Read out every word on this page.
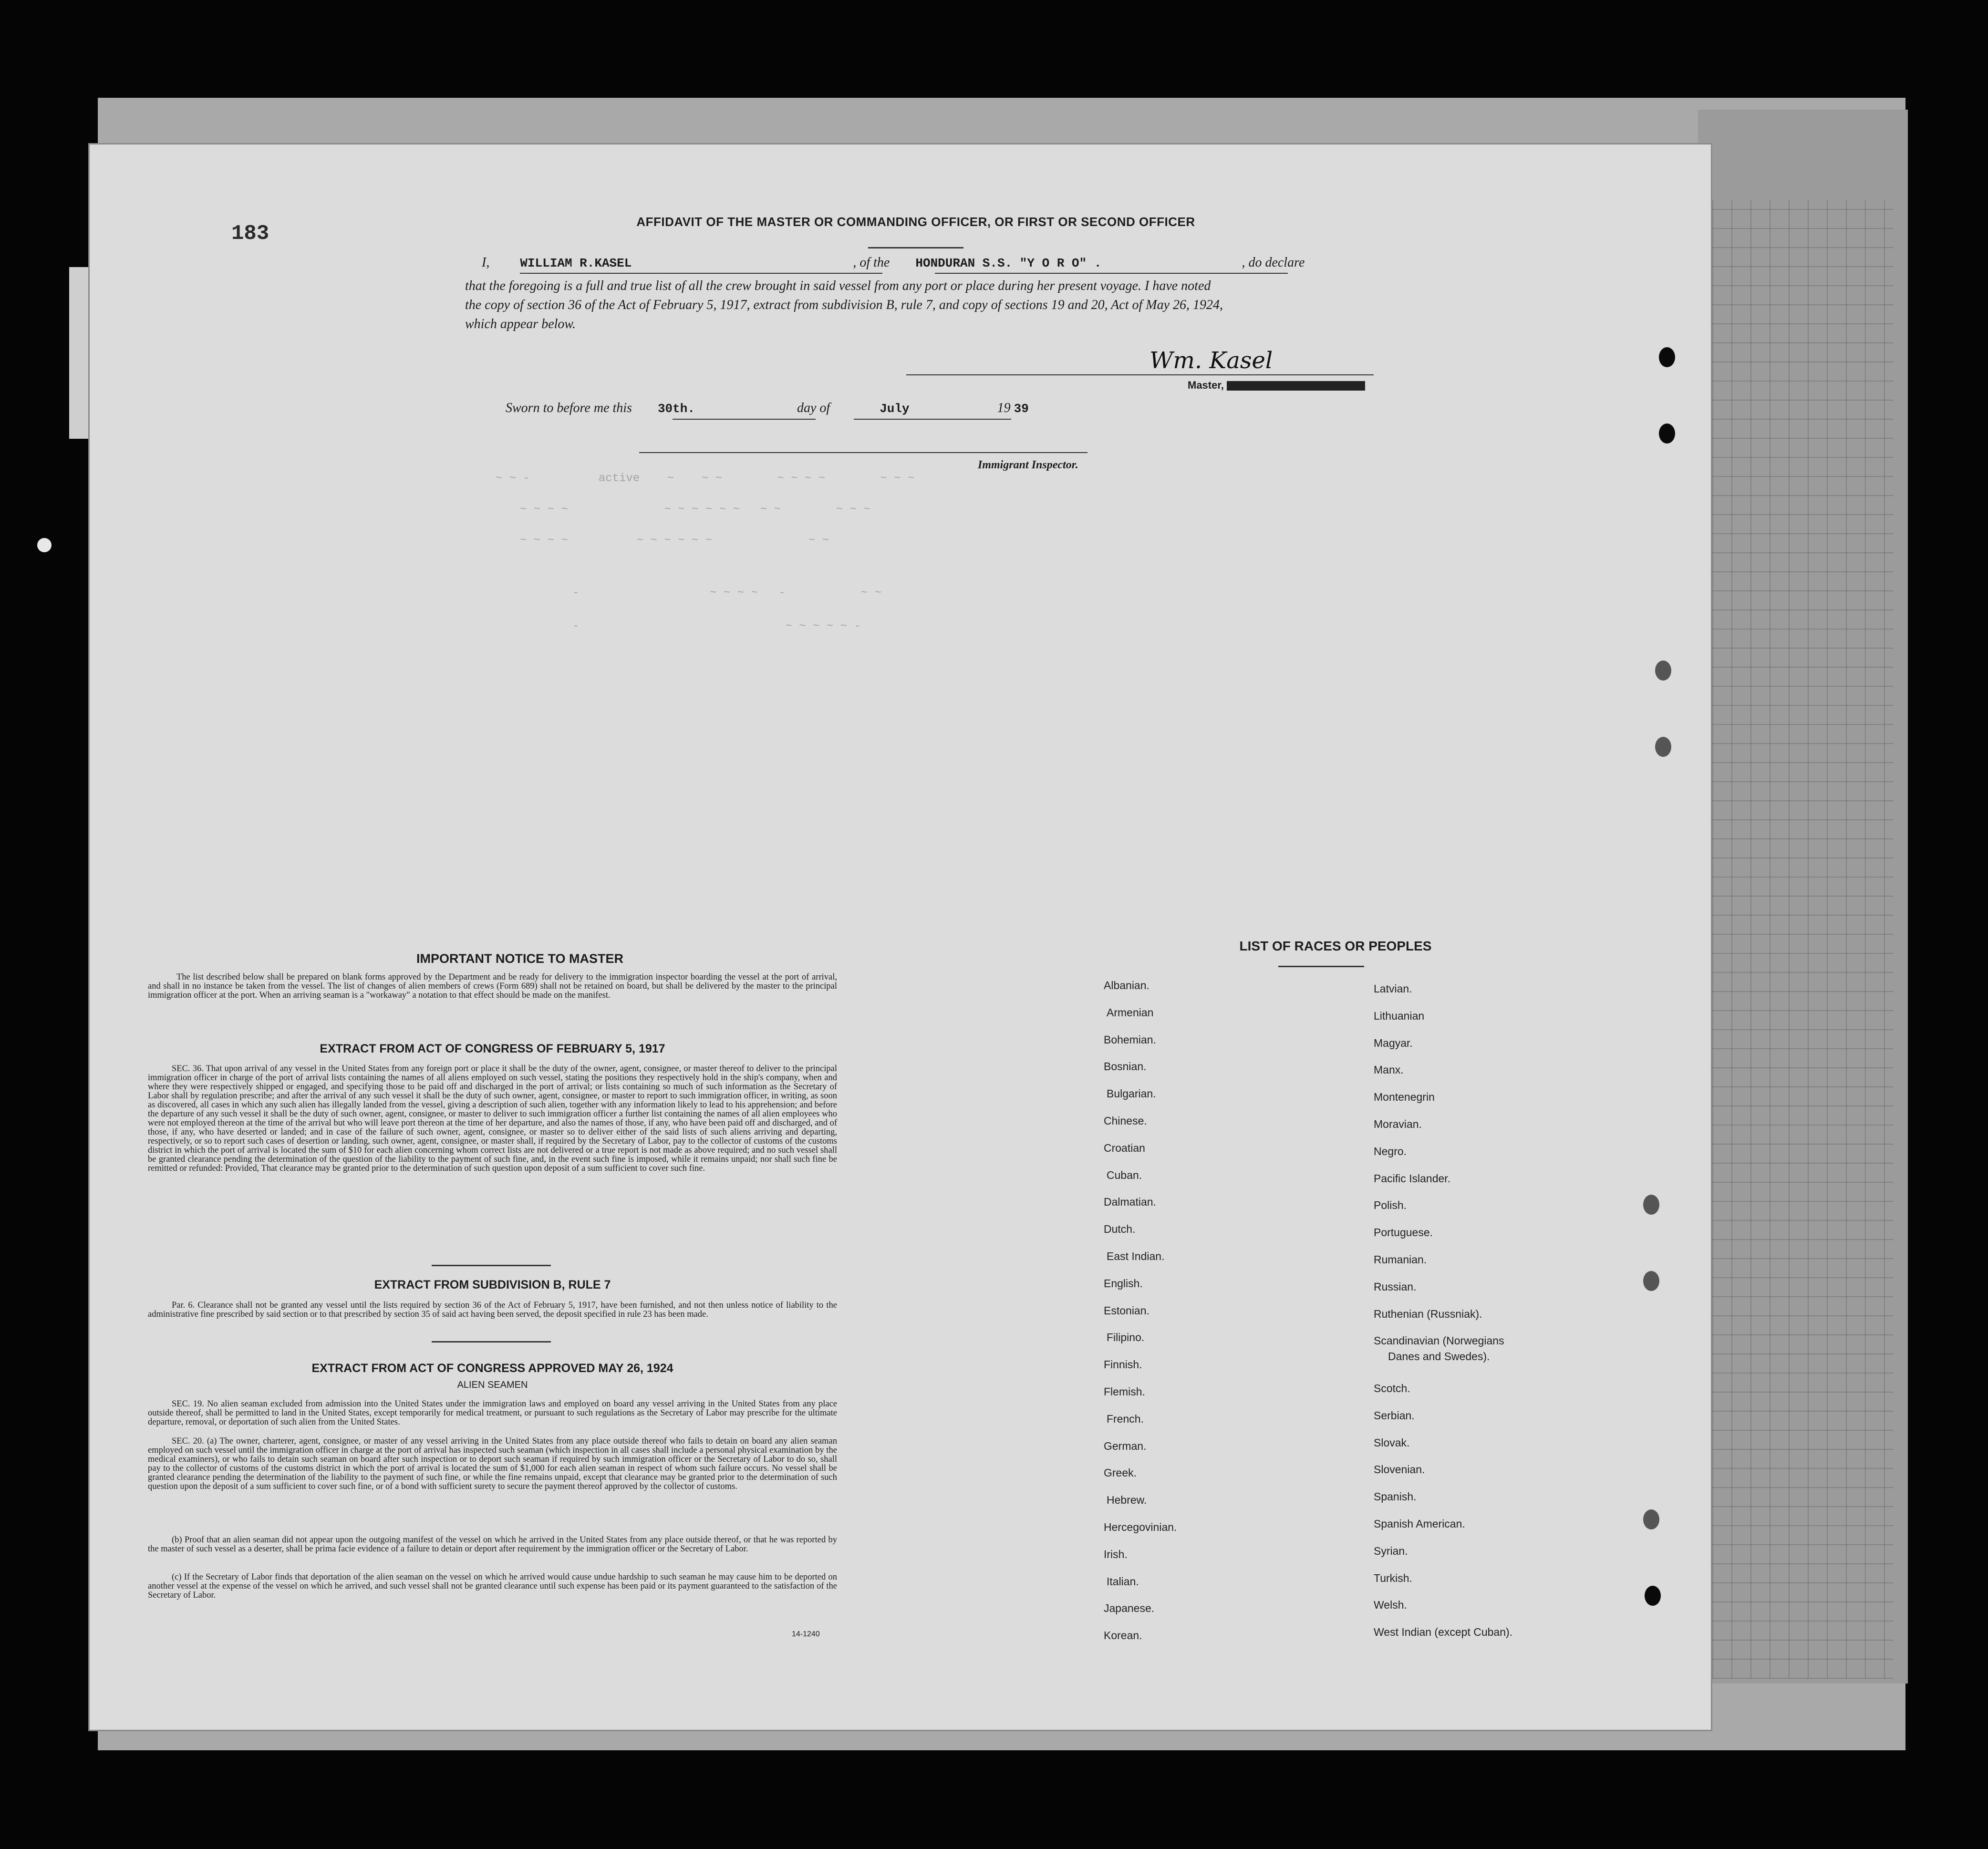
~ ~ -          active    ~    ~ ~        ~ ~ ~ ~        ~ ~ ~
~ ~ ~ ~              ~ ~ ~ ~ ~ ~   ~ ~        ~ ~ ~
~ ~ ~ ~          ~ ~ ~ ~ ~ ~              ~ ~
-                   ~ ~ ~ ~   -           ~ ~
-                              ~ ~ ~ ~ ~ -
AFFIDAVIT OF THE MASTER OR COMMANDING OFFICER, OR FIRST OR SECOND OFFICER
183
I, WILLIAM R.KASEL	, of the HONDURAN S.S. "Y O R O" .	, do declare
that the foregoing is a full and true list of all the crew brought in said vessel from any port or place during her present voyage. I have noted
the copy of section 36 of the Act of February 5, 1917, extract from subdivision B, rule 7, and copy of sections 19 and 20, Act of May 26, 1924,
which appear below.
Wm. Kasel
Master,
Sworn to before me this 30th.	day of	July	19 39
Immigrant Inspector.
IMPORTANT NOTICE TO MASTER
The list described below shall be prepared on blank forms approved by the Department and be ready for delivery to the immigration inspector boarding the vessel at the port of arrival, and shall in no instance be taken from the vessel. The list of changes of alien members of crews (Form 689) shall not be retained on board, but shall be delivered by the master to the principal immigration officer at the port. When an arriving seaman is a "workaway" a notation to that effect should be made on the manifest.
EXTRACT FROM ACT OF CONGRESS OF FEBRUARY 5, 1917
SEC. 36. That upon arrival of any vessel in the United States from any foreign port or place it shall be the duty of the owner, agent, consignee, or master thereof to deliver to the principal immigration officer in charge of the port of arrival lists containing the names of all aliens employed on such vessel, stating the positions they respectively hold in the ship's company, when and where they were respectively shipped or engaged, and specifying those to be paid off and discharged in the port of arrival; or lists containing so much of such information as the Secretary of Labor shall by regulation prescribe; and after the arrival of any such vessel it shall be the duty of such owner, agent, consignee, or master to report to such immigration officer, in writing, as soon as discovered, all cases in which any such alien has illegally landed from the vessel, giving a description of such alien, together with any information likely to lead to his apprehension; and before the departure of any such vessel it shall be the duty of such owner, agent, consignee, or master to deliver to such immigration officer a further list containing the names of all alien employees who were not employed thereon at the time of the arrival but who will leave port thereon at the time of her departure, and also the names of those, if any, who have been paid off and discharged, and of those, if any, who have deserted or landed; and in case of the failure of such owner, agent, consignee, or master so to deliver either of the said lists of such aliens arriving and departing, respectively, or so to report such cases of desertion or landing, such owner, agent, consignee, or master shall, if required by the Secretary of Labor, pay to the collector of customs of the customs district in which the port of arrival is located the sum of $10 for each alien concerning whom correct lists are not delivered or a true report is not made as above required; and no such vessel shall be granted clearance pending the determination of the question of the liability to the payment of such fine, and, in the event such fine is imposed, while it remains unpaid; nor shall such fine be remitted or refunded: Provided, That clearance may be granted prior to the determination of such question upon deposit of a sum sufficient to cover such fine.
EXTRACT FROM SUBDIVISION B, RULE 7
Par. 6. Clearance shall not be granted any vessel until the lists required by section 36 of the Act of February 5, 1917, have been furnished, and not then unless notice of liability to the administrative fine prescribed by said section or to that prescribed by section 35 of said act having been served, the deposit specified in rule 23 has been made.
EXTRACT FROM ACT OF CONGRESS APPROVED MAY 26, 1924
ALIEN SEAMEN
SEC. 19. No alien seaman excluded from admission into the United States under the immigration laws and employed on board any vessel arriving in the United States from any place outside thereof, shall be permitted to land in the United States, except temporarily for medical treatment, or pursuant to such regulations as the Secretary of Labor may prescribe for the ultimate departure, removal, or deportation of such alien from the United States.
SEC. 20. (a) The owner, charterer, agent, consignee, or master of any vessel arriving in the United States from any place outside thereof who fails to detain on board any alien seaman employed on such vessel until the immigration officer in charge at the port of arrival has inspected such seaman (which inspection in all cases shall include a personal physical examination by the medical examiners), or who fails to detain such seaman on board after such inspection or to deport such seaman if required by such immigration officer or the Secretary of Labor to do so, shall pay to the collector of customs of the customs district in which the port of arrival is located the sum of $1,000 for each alien seaman in respect of whom such failure occurs. No vessel shall be granted clearance pending the determination of the liability to the payment of such fine, or while the fine remains unpaid, except that clearance may be granted prior to the determination of such question upon the deposit of a sum sufficient to cover such fine, or of a bond with sufficient surety to secure the payment thereof approved by the collector of customs.
(b) Proof that an alien seaman did not appear upon the outgoing manifest of the vessel on which he arrived in the United States from any place outside thereof, or that he was reported by the master of such vessel as a deserter, shall be prima facie evidence of a failure to detain or deport after requirement by the immigration officer or the Secretary of Labor.
(c) If the Secretary of Labor finds that deportation of the alien seaman on the vessel on which he arrived would cause undue hardship to such seaman he may cause him to be deported on another vessel at the expense of the vessel on which he arrived, and such vessel shall not be granted clearance until such expense has been paid or its payment guaranteed to the satisfaction of the Secretary of Labor.
14-1240
LIST OF RACES OR PEOPLES
Albanian.
Armenian
Bohemian.
Bosnian.
Bulgarian.
Chinese.
Croatian
Cuban.
Dalmatian.
Dutch.
East Indian.
English.
Estonian.
Filipino.
Finnish.
Flemish.
French.
German.
Greek.
Hebrew.
Hercegovinian.
Irish.
Italian.
Japanese.
Korean.
Latvian.
Lithuanian
Magyar.
Manx.
Montenegrin
Moravian.
Negro.
Pacific Islander.
Polish.
Portuguese.
Rumanian.
Russian.
Ruthenian (Russniak).
Scandinavian (Norwegians
Danes and Swedes).
Scotch.
Serbian.
Slovak.
Slovenian.
Spanish.
Spanish American.
Syrian.
Turkish.
Welsh.
West Indian (except Cuban).
